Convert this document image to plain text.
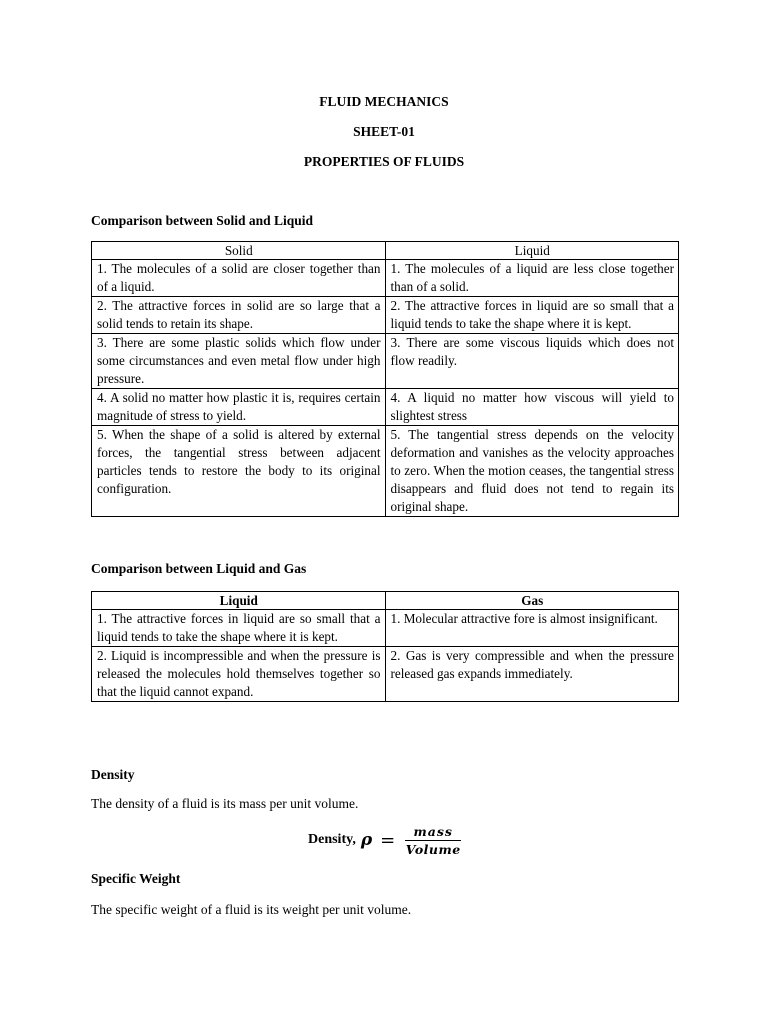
FLUID MECHANICS
SHEET-01
PROPERTIES OF FLUIDS
Comparison between Solid and Liquid
Solid	Liquid
1. The molecules of a solid are closer together than of a liquid.	1. The molecules of a liquid are less close together than of a solid.
2. The attractive forces in solid are so large that a solid tends to retain its shape.	2. The attractive forces in liquid are so small that a liquid tends to take the shape where it is kept.
3. There are some plastic solids which flow under some circumstances and even metal flow under high pressure.	3. There are some viscous liquids which does not flow readily.
4. A solid no matter how plastic it is, requires certain magnitude of stress to yield.	4. A liquid no matter how viscous will yield to slightest stress
5. When the shape of a solid is altered by external forces, the tangential stress between adjacent particles tends to restore the body to its original configuration.	5. The tangential stress depends on the velocity deformation and vanishes as the velocity approaches to zero. When the motion ceases, the tangential stress disappears and fluid does not tend to regain its original shape.
Comparison between Liquid and Gas
Liquid	Gas
1. The attractive forces in liquid are so small that a liquid tends to take the shape where it is kept.	1. Molecular attractive fore is almost insignificant.
2. Liquid is incompressible and when the pressure is released the molecules hold themselves together so that the liquid cannot expand.	2. Gas is very compressible and when the pressure released gas expands immediately.
Density
The density of a fluid is its mass per unit volume.
Density, $\rho = \frac{\text{mass}}{\text{Volume}}$
Specific Weight
The specific weight of a fluid is its weight per unit volume.
